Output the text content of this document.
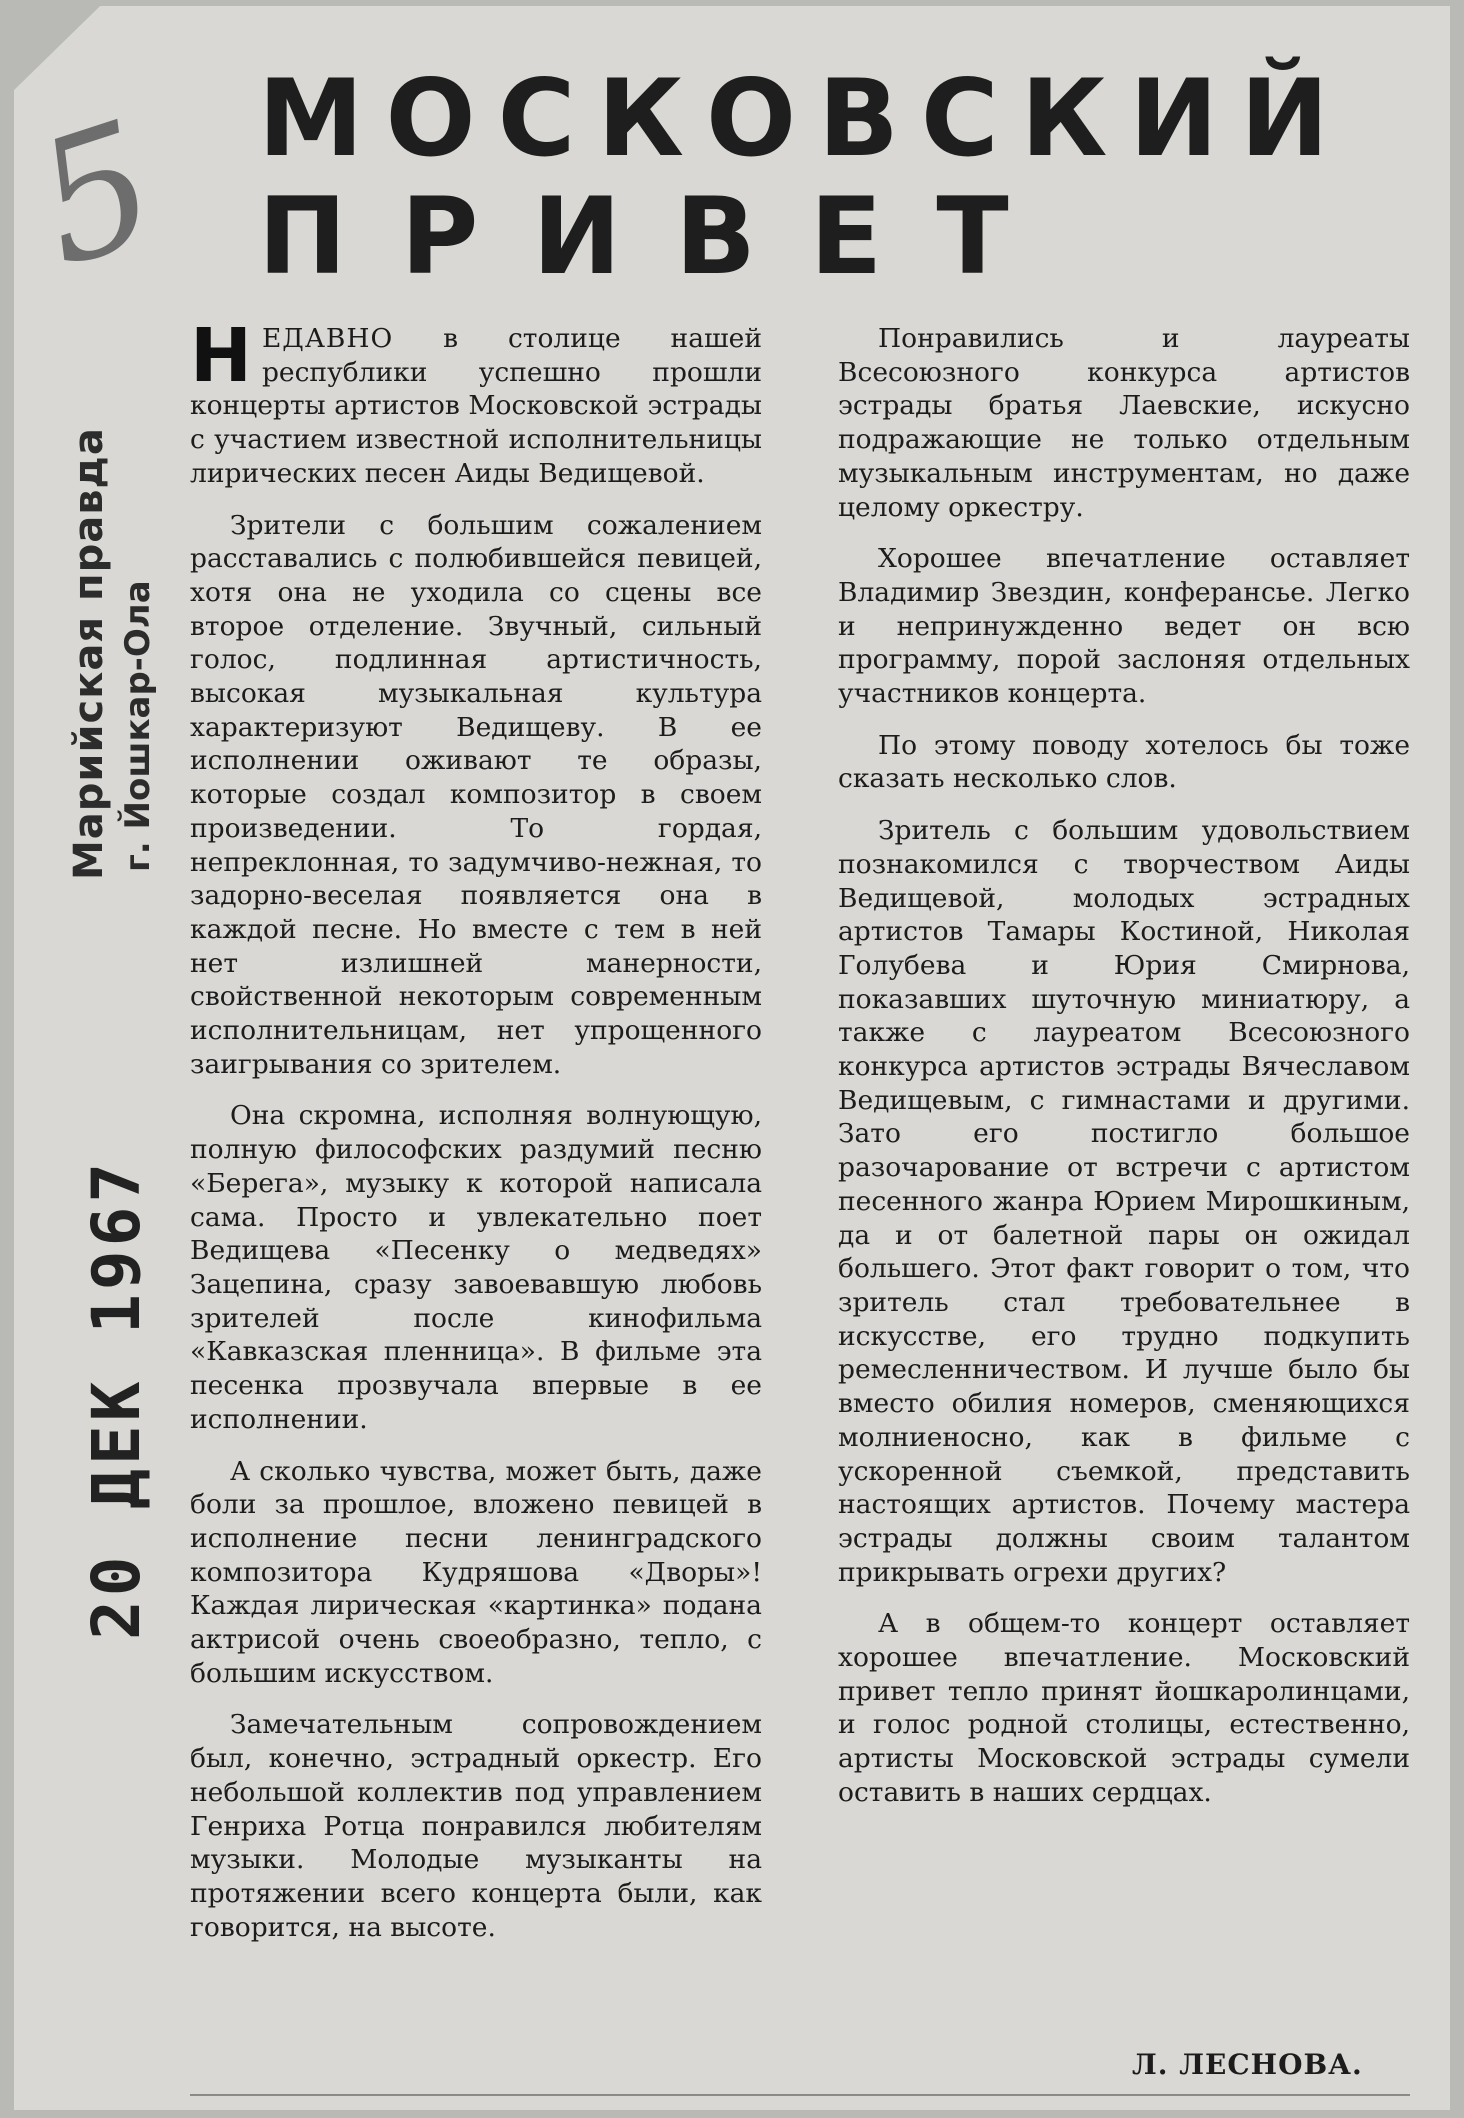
5
Марийская правда г. Йошкар-Ола
20 ДЕК 1967
МОСКОВСКИЙ
ПРИВЕТ

НЕДАВНО в столице нашей республики успешно прошли концерты артистов Московской эстрады с участием известной исполнительницы лирических песен Аиды Ведищевой.

Зрители с большим сожалением расставались с полюбившейся певицей, хотя она не уходила со сцены все второе отделение. Звучный, сильный голос, подлинная артистичность, высокая музыкальная культура характеризуют Ведищеву. В ее исполнении оживают те образы, которые создал композитор в своем произведении. То гордая, непреклонная, то задумчиво-нежная, то задорно-веселая появляется она в каждой песне. Но вместе с тем в ней нет излишней манерности, свойственной некоторым современным исполнительницам, нет упрощенного заигрывания со зрителем.

Она скромна, исполняя волнующую, полную философских раздумий песню «Берега», музыку к которой написала сама. Просто и увлекательно поет Ведищева «Песенку о медведях» Зацепина, сразу завоевавшую любовь зрителей после кинофильма «Кавказская пленница». В фильме эта песенка прозвучала впервые в ее исполнении.

А сколько чувства, может быть, даже боли за прошлое, вложено певицей в исполнение песни ленинградского композитора Кудряшова «Дворы»! Каждая лирическая «картинка» подана актрисой очень своеобразно, тепло, с большим искусством.

Замечательным сопровождением был, конечно, эстрадный оркестр. Его небольшой коллектив под управлением Генриха Ротца понравился любителям музыки. Молодые музыканты на протяжении всего концерта были, как говорится, на высоте.

Понравились и лауреаты Всесоюзного конкурса артистов эстрады братья Лаевские, искусно подражающие не только отдельным музыкальным инструментам, но даже целому оркестру.

Хорошее впечатление оставляет Владимир Звездин, конферансье. Легко и непринужденно ведет он всю программу, порой заслоняя отдельных участников концерта.

По этому поводу хотелось бы тоже сказать несколько слов.

Зритель с большим удовольствием познакомился с творчеством Аиды Ведищевой, молодых эстрадных артистов Тамары Костиной, Николая Голубева и Юрия Смирнова, показавших шуточную миниатюру, а также с лауреатом Всесоюзного конкурса артистов эстрады Вячеславом Ведищевым, с гимнастами и другими. Зато его постигло большое разочарование от встречи с артистом песенного жанра Юрием Мирошкиным, да и от балетной пары он ожидал большего. Этот факт говорит о том, что зритель стал требовательнее в искусстве, его трудно подкупить ремесленничеством. И лучше было бы вместо обилия номеров, сменяющихся молниеносно, как в фильме с ускоренной съемкой, представить настоящих артистов. Почему мастера эстрады должны своим талантом прикрывать огрехи других?

А в общем-то концерт оставляет хорошее впечатление. Московский привет тепло принят йошкаролинцами, и голос родной столицы, естественно, артисты Московской эстрады сумели оставить в наших сердцах.

Л. ЛЕСНОВА.
